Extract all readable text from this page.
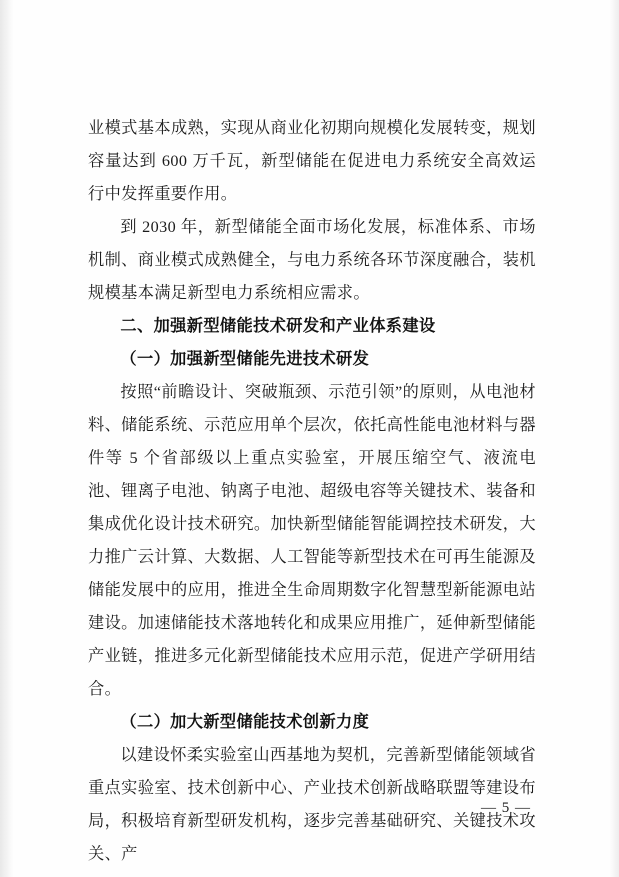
业模式基本成熟，实现从商业化初期向规模化发展转变，规划容量达到 600 万千瓦，新型储能在促进电力系统安全高效运行中发挥重要作用。

到 2030 年，新型储能全面市场化发展，标准体系、市场机制、商业模式成熟健全，与电力系统各环节深度融合，装机规模基本满足新型电力系统相应需求。

二、加强新型储能技术研发和产业体系建设

（一）加强新型储能先进技术研发

按照“前瞻设计、突破瓶颈、示范引领”的原则，从电池材料、储能系统、示范应用单个层次，依托高性能电池材料与器件等 5 个省部级以上重点实验室，开展压缩空气、液流电池、锂离子电池、钠离子电池、超级电容等关键技术、装备和集成优化设计技术研究。加快新型储能智能调控技术研发，大力推广云计算、大数据、人工智能等新型技术在可再生能源及储能发展中的应用，推进全生命周期数字化智慧型新能源电站建设。加速储能技术落地转化和成果应用推广，延伸新型储能产业链，推进多元化新型储能技术应用示范，促进产学研用结合。

（二）加大新型储能技术创新力度

以建设怀柔实验室山西基地为契机，完善新型储能领域省重点实验室、技术创新中心、产业技术创新战略联盟等建设布局，积极培育新型研发机构，逐步完善基础研究、关键技术攻关、产

— 5 —
